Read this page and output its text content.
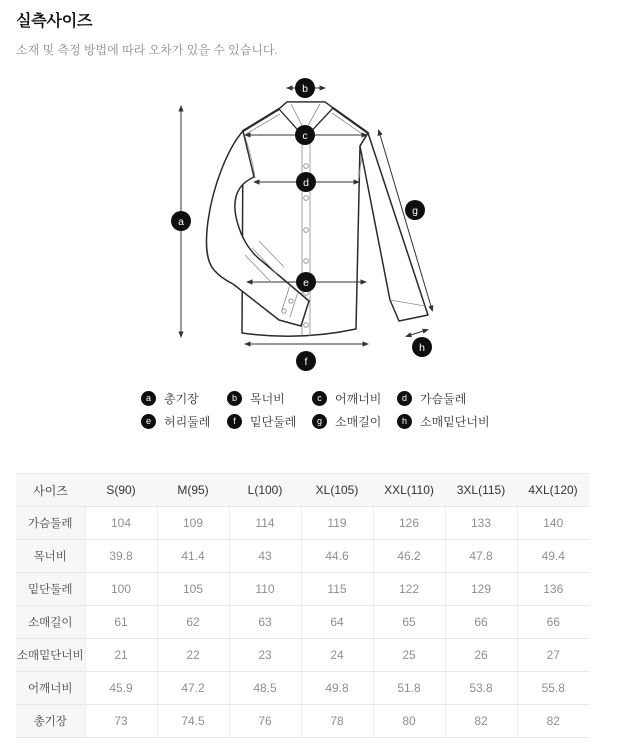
실측사이즈

소재 및 측정 방법에 따라 오차가 있을 수 있습니다.

a
b
c
d
e
f
g
h
a	총기장	b	목너비	c	어깨너비	d	가슴둘레
e	허리둘레	f	밑단둘레	g	소매길이	h	소매밑단너비
사이즈	S(90)	M(95)	L(100)	XL(105)	XXL(110)	3XL(115)	4XL(120)
가슴둘레	104	109	114	119	126	133	140
목너비	39.8	41.4	43	44.6	46.2	47.8	49.4
밑단둘레	100	105	110	115	122	129	136
소매길이	61	62	63	64	65	66	66
소매밑단너비	21	22	23	24	25	26	27
어깨너비	45.9	47.2	48.5	49.8	51.8	53.8	55.8
총기장	73	74.5	76	78	80	82	82
